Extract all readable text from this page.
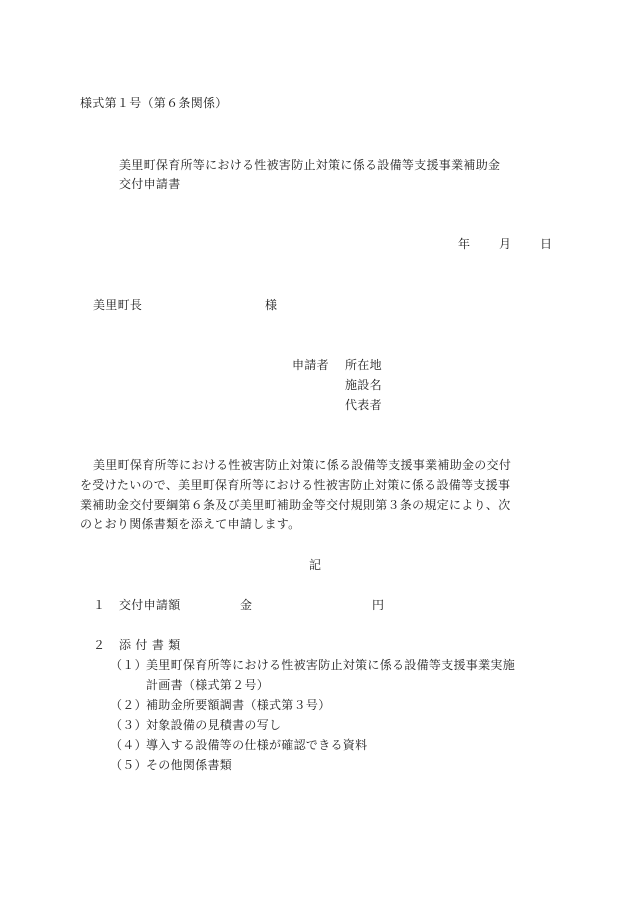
様式第１号（第６条関係）
美里町保育所等における性被害防止対策に係る設備等支援事業補助金
交付申請書
年 月 日
美里町長	様
申請者 所在地
施設名
代表者
美里町保育所等における性被害防止対策に係る設備等支援事業補助金の交付
を受けたいので、美里町保育所等における性被害防止対策に係る設備等支援事
業補助金交付要綱第６条及び美里町補助金等交付規則第３条の規定により、次
のとおり関係書類を添えて申請します。
記
１ 交付申請額	金	円
２ 添 付 書 類
（１） 美里町保育所等における性被害防止対策に係る設備等支援事業実施
計画書（様式第２号）
（２） 補助金所要額調書（様式第３号）
（３） 対象設備の見積書の写し
（４） 導入する設備等の仕様が確認できる資料
（５） その他関係書類
